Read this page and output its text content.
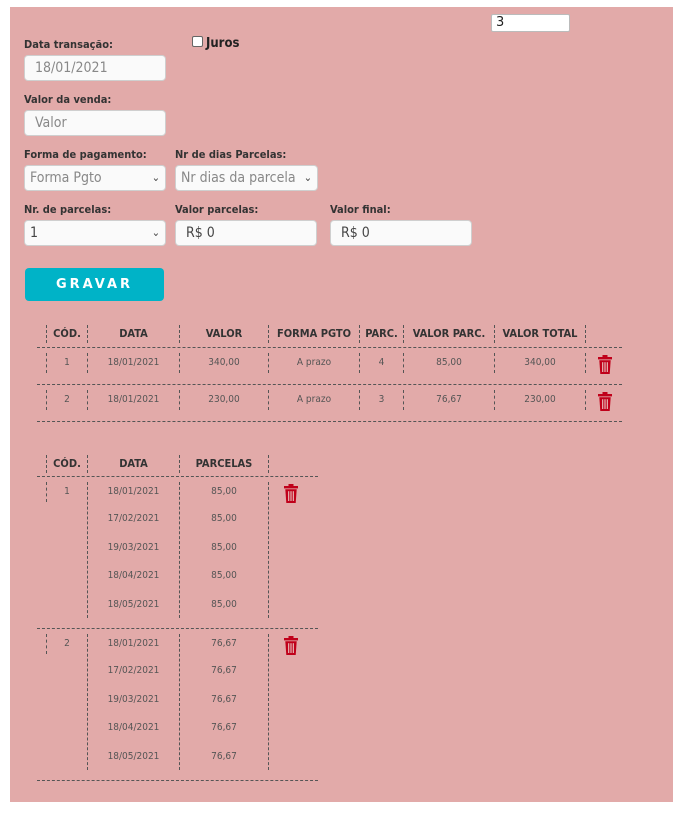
3
Juros
Data transação:
18/01/2021
Valor da venda:
Valor
Forma de pagamento:
Forma Pgto	⌄
Nr de dias Parcelas:
Nr dias da parcela ⌄
Nr. de parcelas:
1	⌄
Valor parcelas:
R$ 0
Valor final:
R$ 0
GRAVAR
CÓD.	DATA	VALOR	FORMA PGTO	PARC.	VALOR PARC.	VALOR TOTAL
1	18/01/2021	340,00	A prazo	4	85,00	340,00
2	18/01/2021	230,00	A prazo	3	76,67	230,00
CÓD.	DATA	PARCELAS
1	18/01/2021	85,00
17/02/2021	85,00
19/03/2021	85,00
18/04/2021	85,00
18/05/2021	85,00
2	18/01/2021	76,67
17/02/2021	76,67
19/03/2021	76,67
18/04/2021	76,67
18/05/2021	76,67
